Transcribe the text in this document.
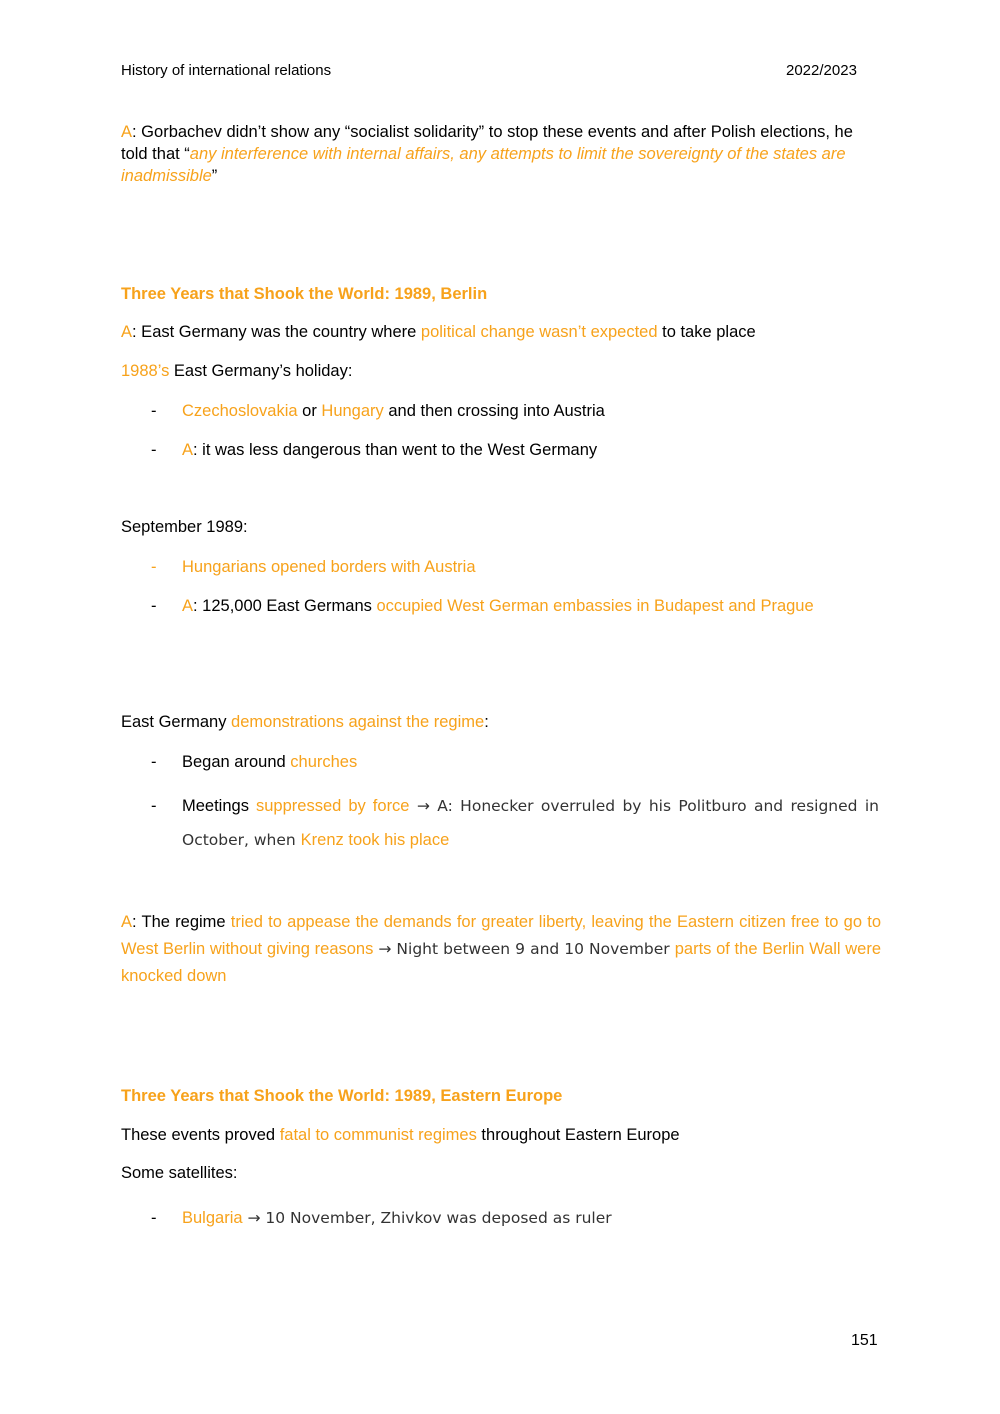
History of international relations	2022/2023
A: Gorbachev didn’t show any “socialist solidarity” to stop these events and after Polish elections, he told that “any interference with internal affairs, any attempts to limit the sovereignty of the states are inadmissible”
Three Years that Shook the World: 1989, Berlin
A: East Germany was the country where political change wasn’t expected to take place
1988’s East Germany’s holiday:
- Czechoslovakia or Hungary and then crossing into Austria
- A: it was less dangerous than went to the West Germany
September 1989:
- Hungarians opened borders with Austria
- A: 125,000 East Germans occupied West German embassies in Budapest and Prague
East Germany demonstrations against the regime:
- Began around churches
- Meetings suppressed by force → A: Honecker overruled by his Politburo and resigned in October, when Krenz took his place
A: The regime tried to appease the demands for greater liberty, leaving the Eastern citizen free to go to West Berlin without giving reasons → Night between 9 and 10 November parts of the Berlin Wall were knocked down
Three Years that Shook the World: 1989, Eastern Europe
These events proved fatal to communist regimes throughout Eastern Europe
Some satellites:
- Bulgaria → 10 November, Zhivkov was deposed as ruler
151
